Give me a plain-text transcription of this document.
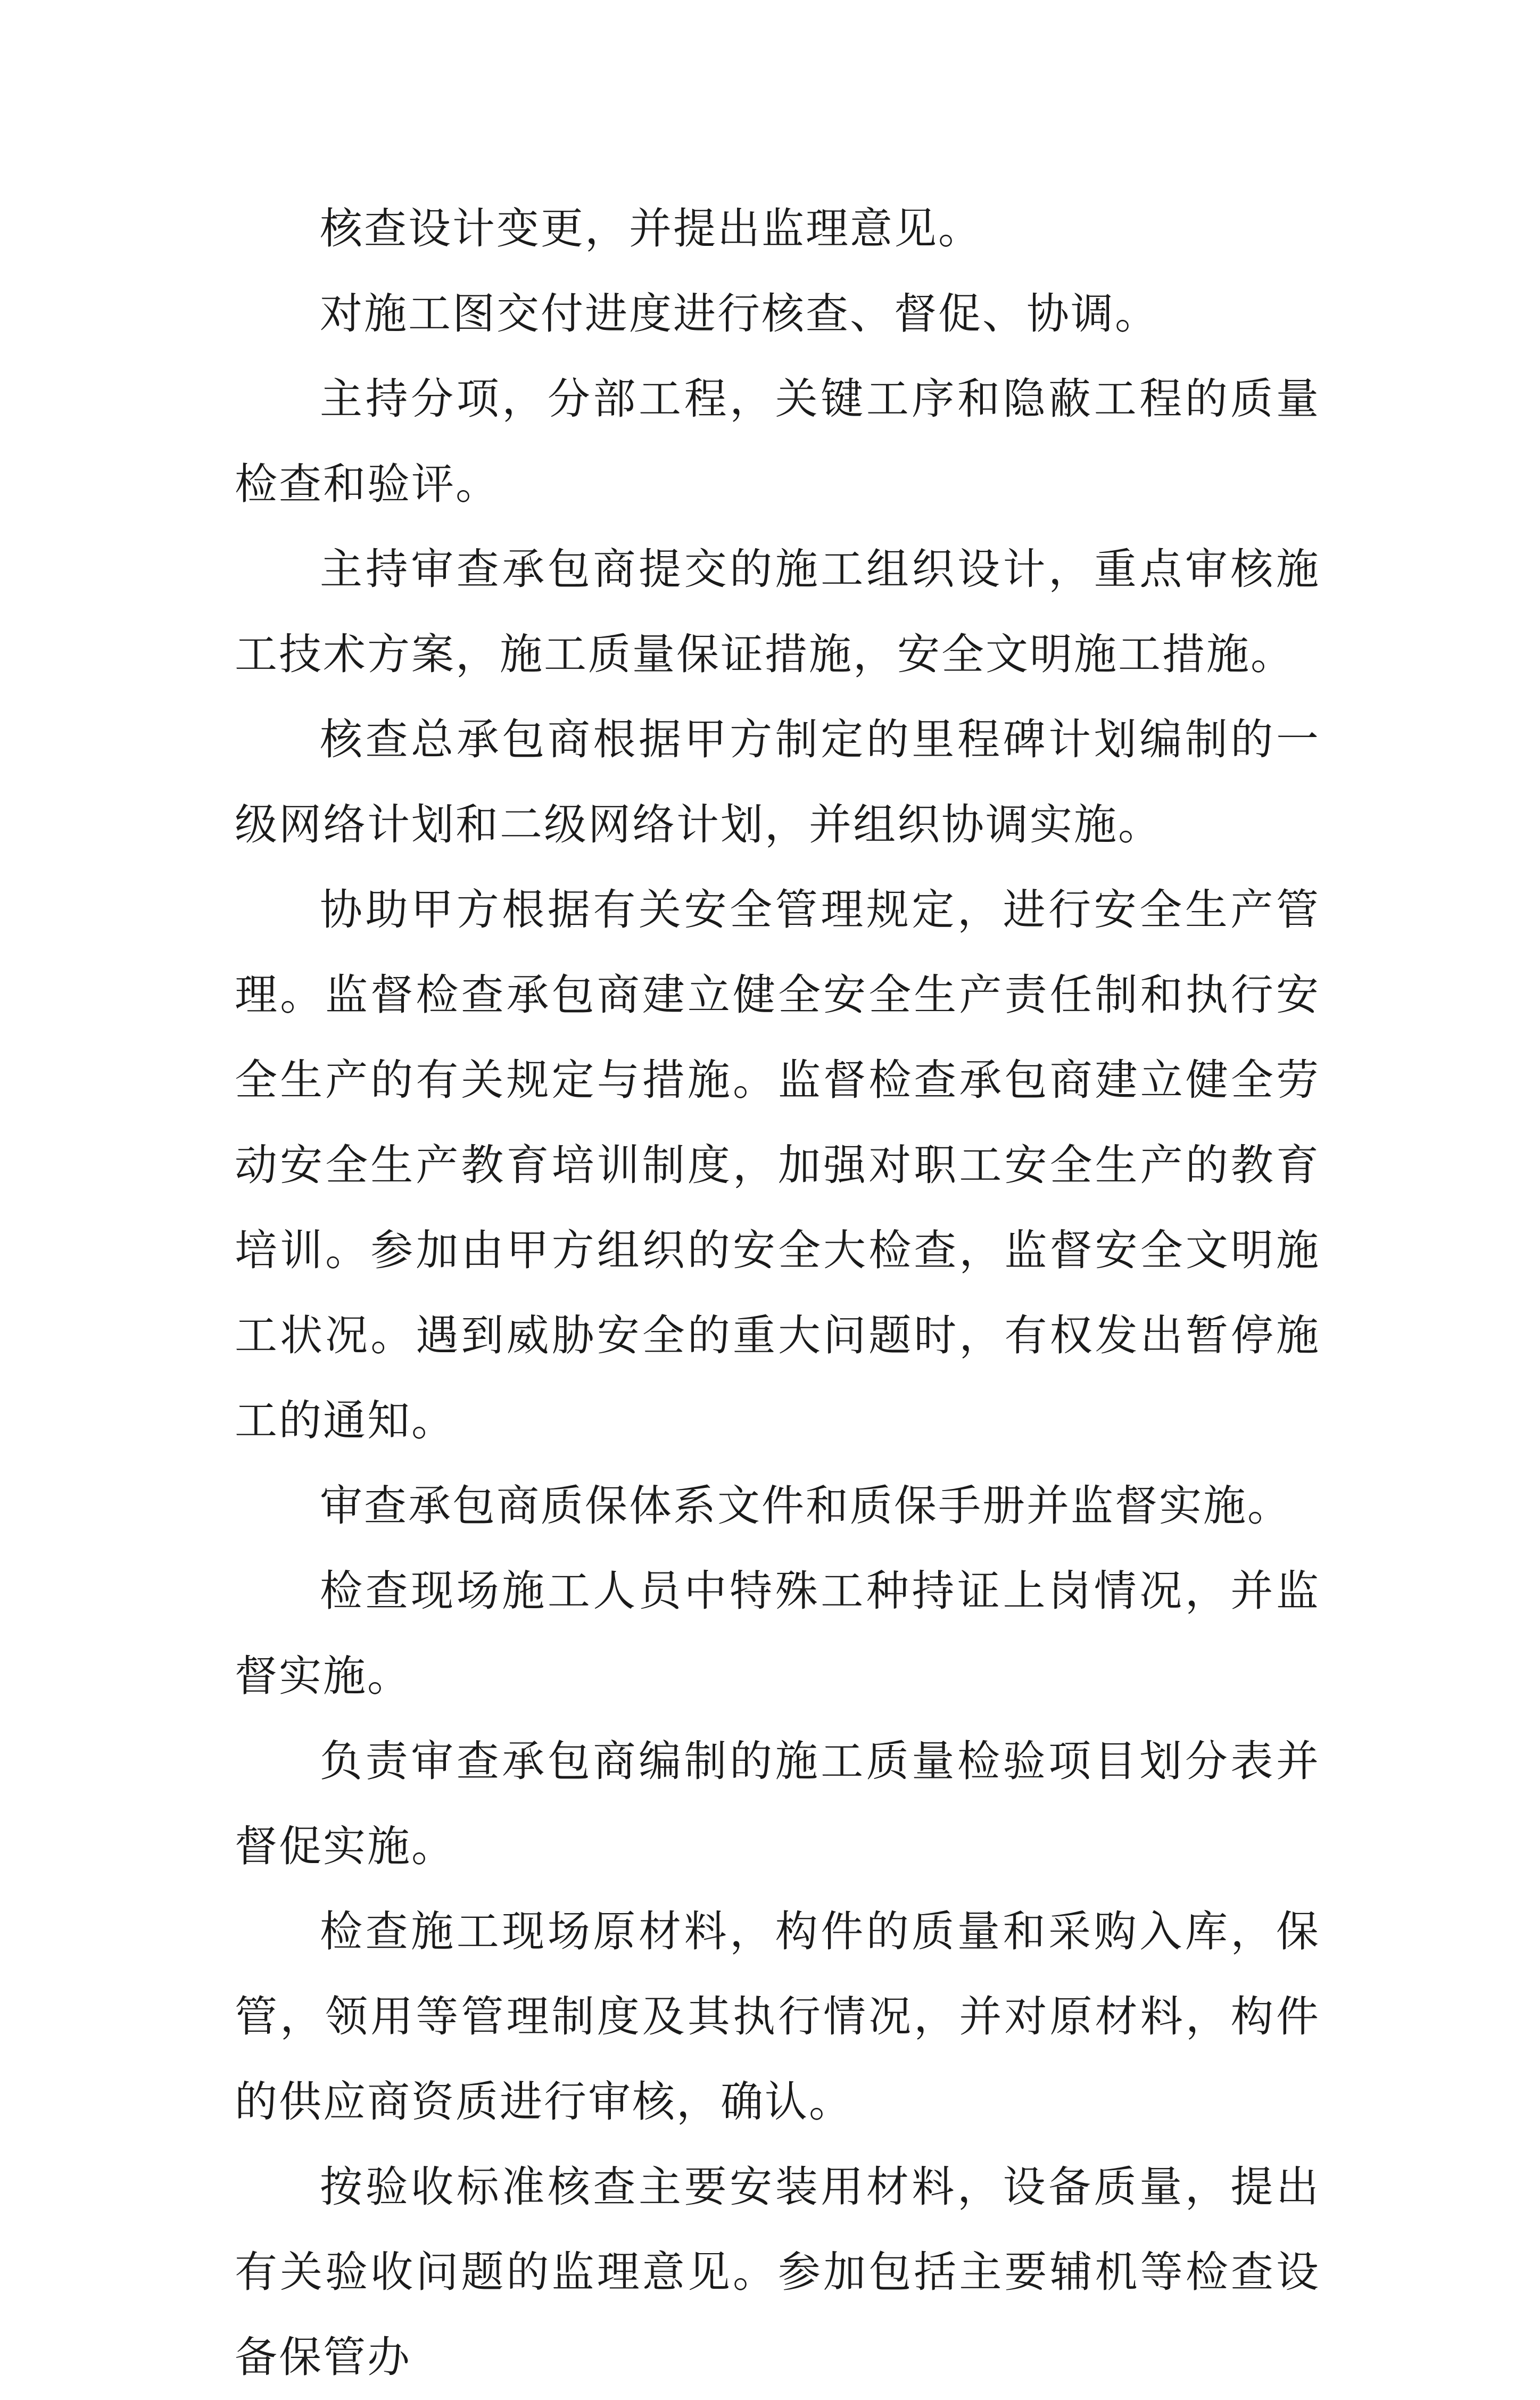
核查设计变更，并提出监理意见。

对施工图交付进度进行核查、督促、协调。

主持分项，分部工程，关键工序和隐蔽工程的质量检查和验评。

主持审查承包商提交的施工组织设计，重点审核施工技术方案，施工质量保证措施，安全文明施工措施。

核查总承包商根据甲方制定的里程碑计划编制的一级网络计划和二级网络计划，并组织协调实施。

协助甲方根据有关安全管理规定，进行安全生产管理。监督检查承包商建立健全安全生产责任制和执行安全生产的有关规定与措施。监督检查承包商建立健全劳动安全生产教育培训制度，加强对职工安全生产的教育培训。参加由甲方组织的安全大检查，监督安全文明施工状况。遇到威胁安全的重大问题时，有权发出暂停施工的通知。

审查承包商质保体系文件和质保手册并监督实施。

检查现场施工人员中特殊工种持证上岗情况，并监督实施。

负责审查承包商编制的施工质量检验项目划分表并督促实施。

检查施工现场原材料，构件的质量和采购入库，保管，领用等管理制度及其执行情况，并对原材料，构件的供应商资质进行审核，确认。

按验收标准核查主要安装用材料，设备质量，提出有关验收问题的监理意见。参加包括主要辅机等检查设备保管办
